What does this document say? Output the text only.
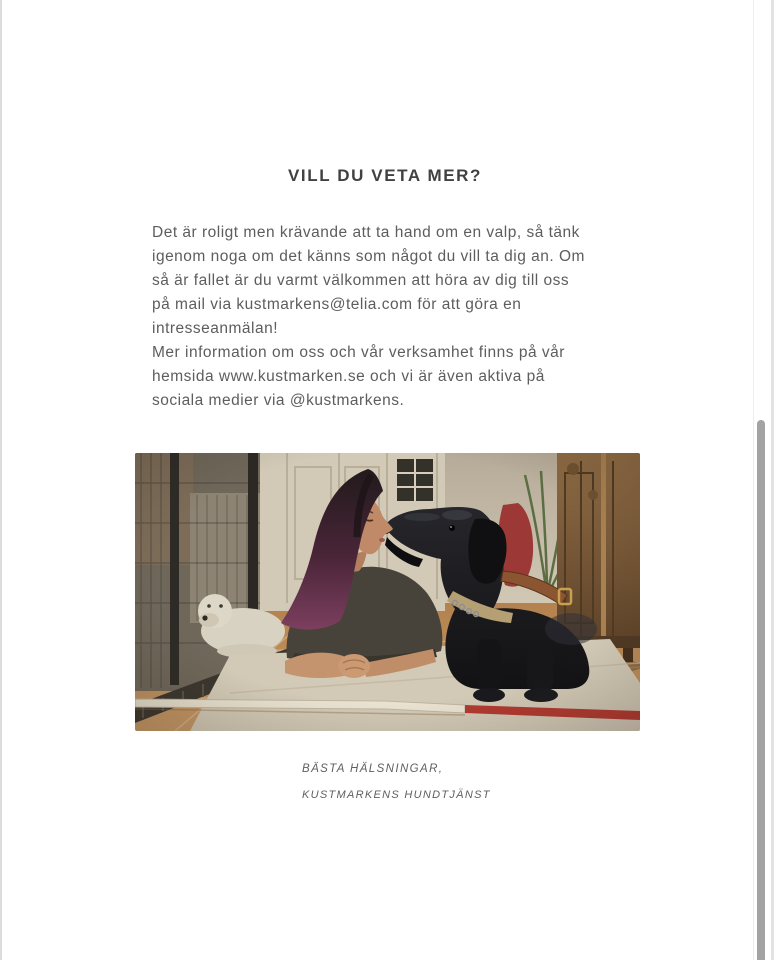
VILL DU VETA MER?
Det är roligt men krävande att ta hand om en valp, så tänk
igenom noga om det känns som något du vill ta dig an. Om
så är fallet är du varmt välkommen att höra av dig till oss
på mail via kustmarkens@telia.com för att göra en
intresseanmälan!
Mer information om oss och vår verksamhet finns på vår
hemsida www.kustmarken.se och vi är även aktiva på
sociala medier via @kustmarkens.
BÄSTA HÄLSNINGAR,
KUSTMARKENS HUNDTJÄNST
